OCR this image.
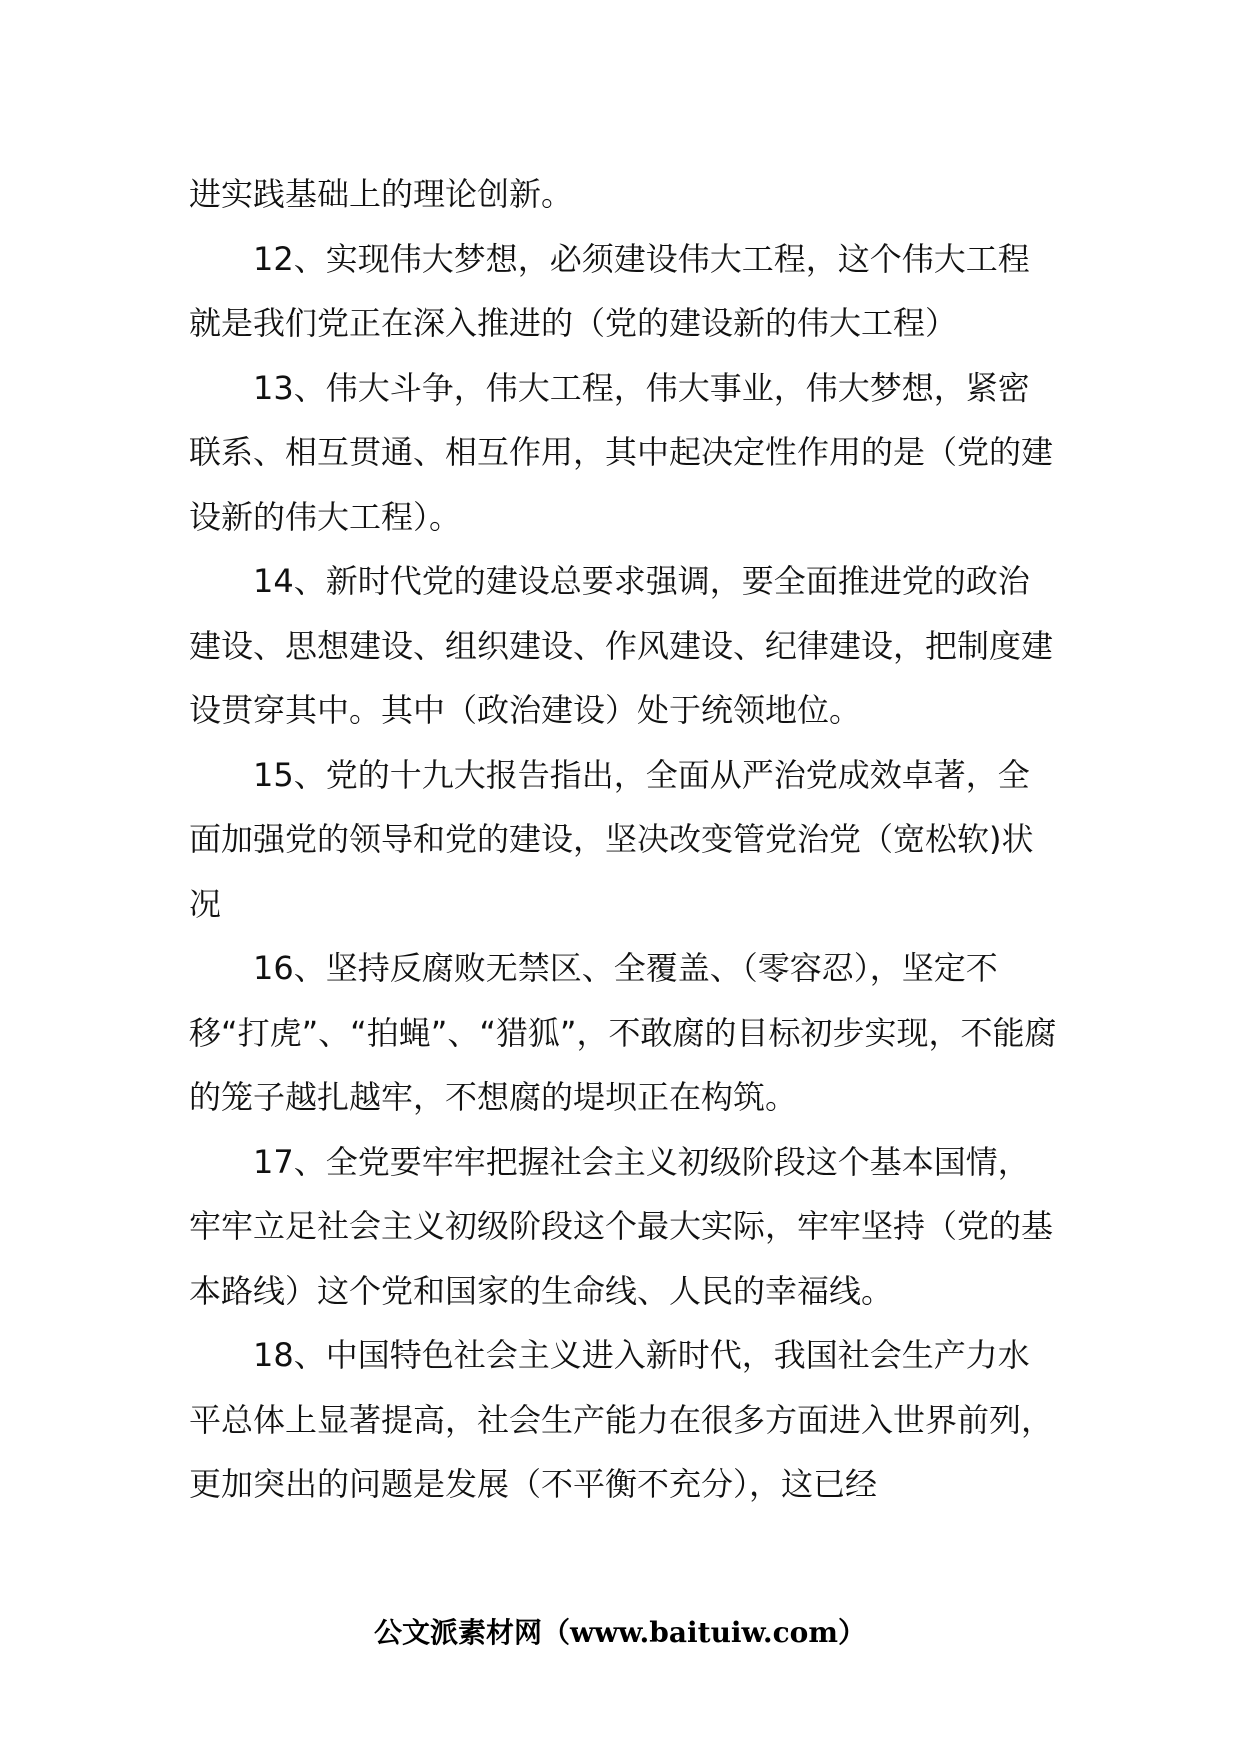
进实践基础上的理论创新。

12、实现伟大梦想，必须建设伟大工程，这个伟大工程就是我们党正在深入推进的（党的建设新的伟大工程）

13、伟大斗争，伟大工程，伟大事业，伟大梦想，紧密联系、相互贯通、相互作用，其中起决定性作用的是（党的建设新的伟大工程）。

14、新时代党的建设总要求强调，要全面推进党的政治建设、思想建设、组织建设、作风建设、纪律建设，把制度建设贯穿其中。其中（政治建设）处于统领地位。

15、党的十九大报告指出，全面从严治党成效卓著，全面加强党的领导和党的建设，坚决改变管党治党（宽松软)状况

16、坚持反腐败无禁区、全覆盖、（零容忍），坚定不移“打虎”、“拍蝇”、“猎狐”，不敢腐的目标初步实现，不能腐的笼子越扎越牢，不想腐的堤坝正在构筑。

17、全党要牢牢把握社会主义初级阶段这个基本国情，牢牢立足社会主义初级阶段这个最大实际，牢牢坚持（党的基本路线）这个党和国家的生命线、人民的幸福线。

18、中国特色社会主义进入新时代，我国社会生产力水平总体上显著提高，社会生产能力在很多方面进入世界前列，更加突出的问题是发展（不平衡不充分），这已经

公文派素材网（www.baituiw.com）
